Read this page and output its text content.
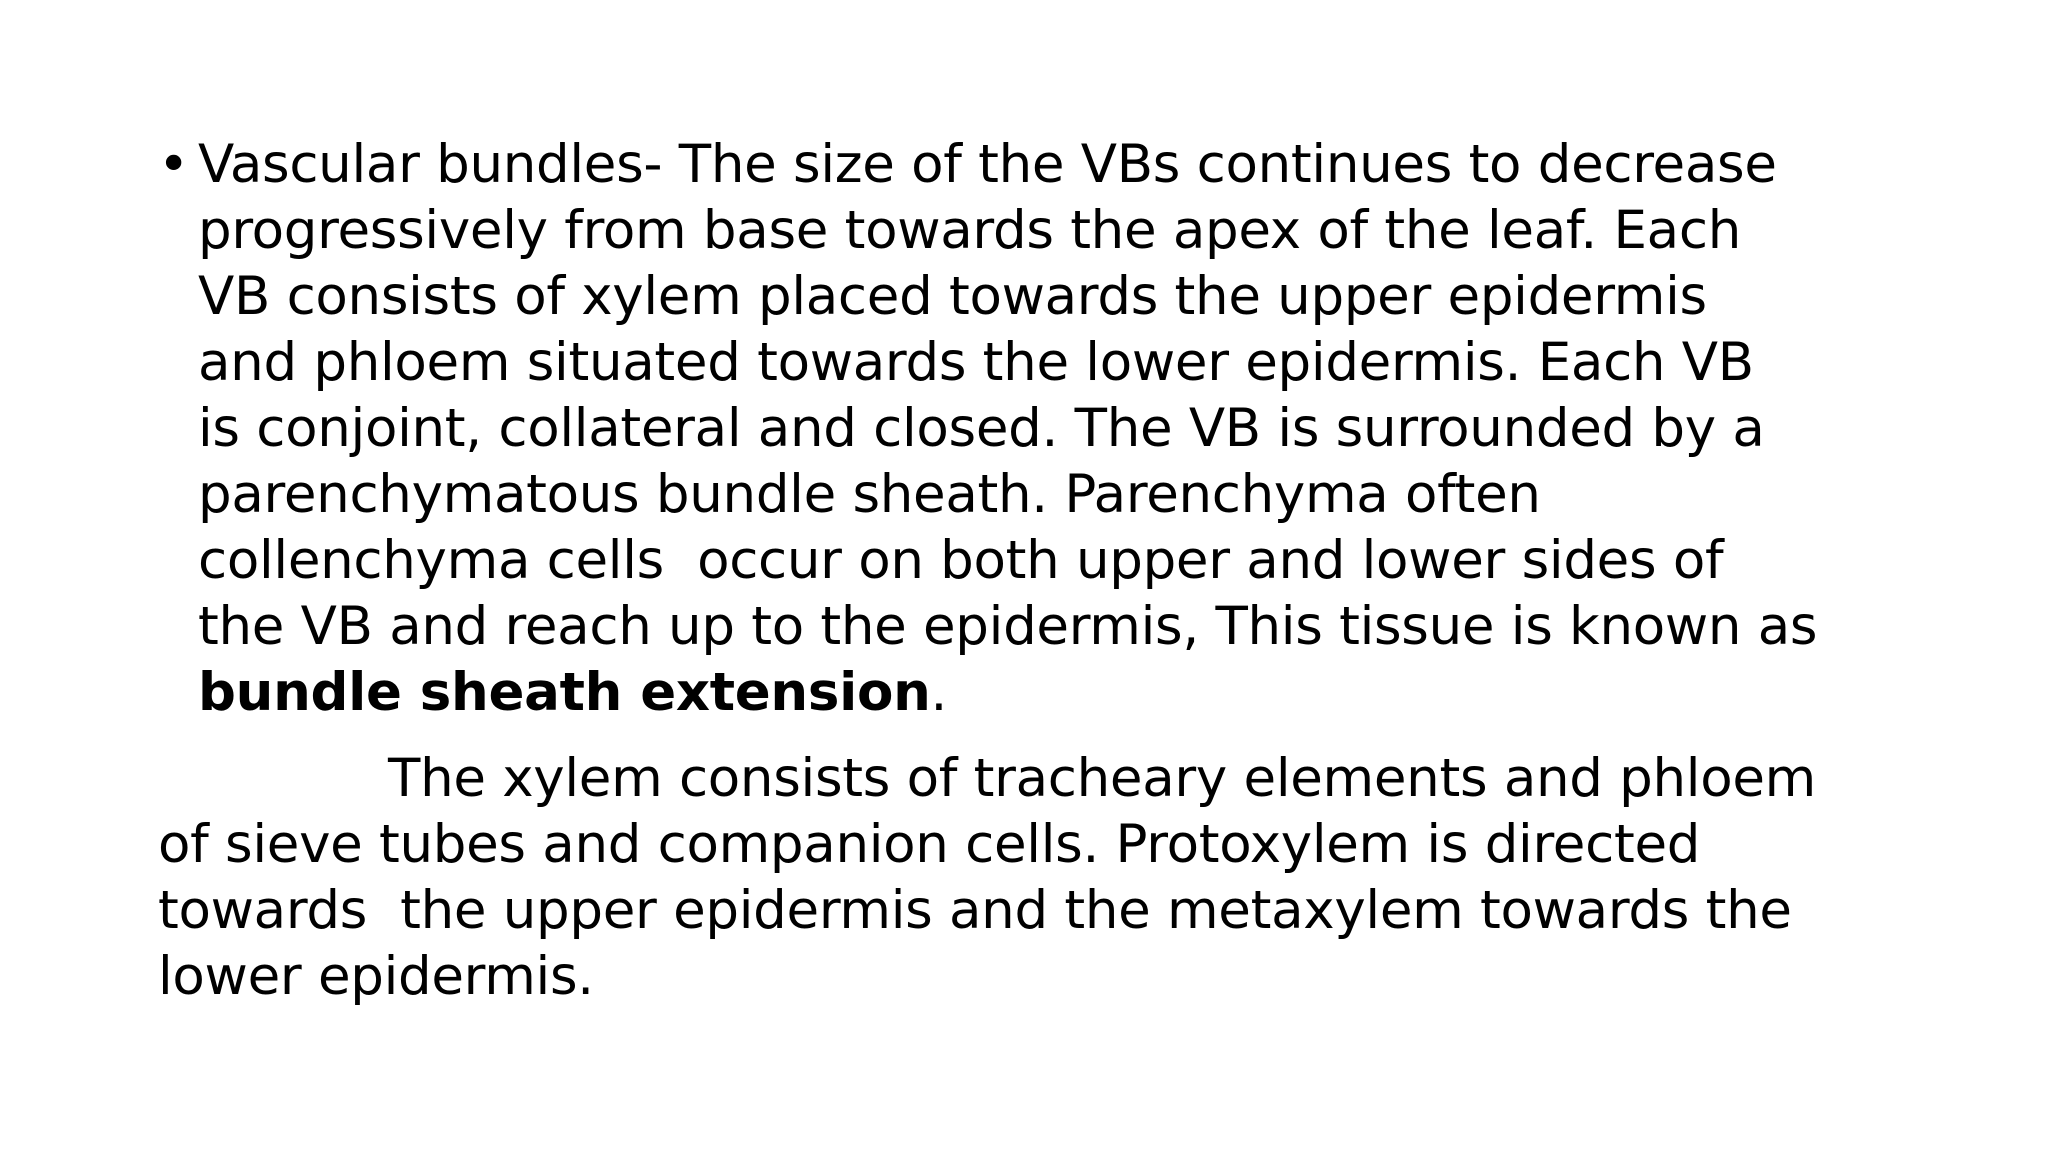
• Vascular bundles- The size of the VBs continues to decrease
progressively from base towards the apex of the leaf. Each
VB consists of xylem placed towards the upper epidermis
and phloem situated towards the lower epidermis. Each VB
is conjoint, collateral and closed. The VB is surrounded by a
parenchymatous bundle sheath. Parenchyma often
collenchyma cells  occur on both upper and lower sides of
the VB and reach up to the epidermis, This tissue is known as
bundle sheath extension.
The xylem consists of tracheary elements and phloem
of sieve tubes and companion cells. Protoxylem is directed
towards  the upper epidermis and the metaxylem towards the
lower epidermis.
